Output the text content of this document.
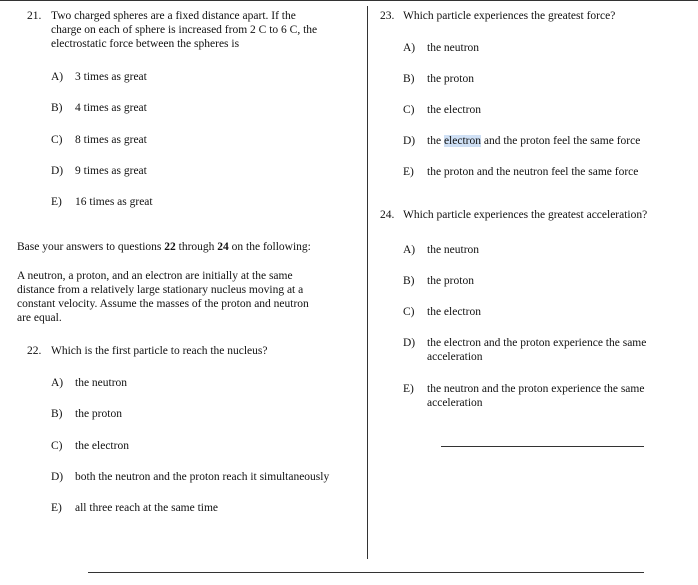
21. Two charged spheres are a fixed distance apart. If the
charge on each of sphere is increased from 2 C to 6 C, the
electrostatic force between the spheres is
A) 3 times as great
B) 4 times as great
C) 8 times as great
D) 9 times as great
E) 16 times as great
Base your answers to questions 22 through 24 on the following:
A neutron, a proton, and an electron are initially at the same
distance from a relatively large stationary nucleus moving at a
constant velocity. Assume the masses of the proton and neutron
are equal.
22. Which is the first particle to reach the nucleus?
A) the neutron
B) the proton
C) the electron
D) both the neutron and the proton reach it simultaneously
E) all three reach at the same time
23. Which particle experiences the greatest force?
A) the neutron
B) the proton
C) the electron
D) the electron and the proton feel the same force
E) the proton and the neutron feel the same force
24. Which particle experiences the greatest acceleration?
A) the neutron
B) the proton
C) the electron
D) the electron and the proton experience the same
acceleration
E) the neutron and the proton experience the same
acceleration
